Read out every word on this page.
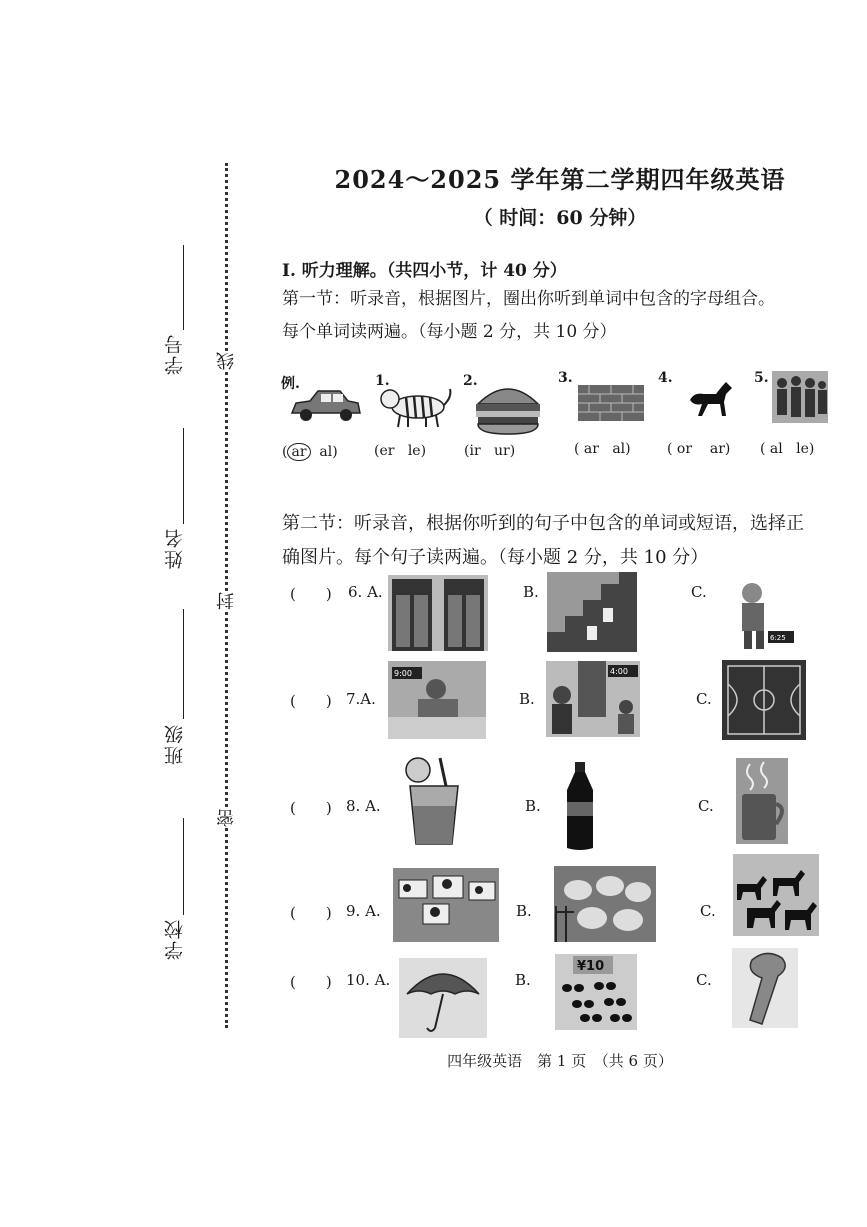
学号
姓名
班级
学校
线
封
密
2024～2025 学年第二学期四年级英语
（ 时间：60 分钟）
I. 听力理解。（共四小节，计 40 分）
第一节：听录音，根据图片，圈出你听到单词中包含的字母组合。
每个单词读两遍。（每小题 2 分，共 10 分）
例.
( ar al)
1.
(er le)
2.
(ir ur)
3.
( ar al)
4.
( or ar)
5.
( al le)
第二节：听录音，根据你听到的句子中包含的单词或短语，选择正
确图片。每个句子读两遍。（每小题 2 分，共 10 分）
(　　) 6. A.	B.	C.
6:25
(　　) 7.A.
9:00
B.
4:00
C.
(　　) 8. A.	B.	C.
(　　) 9. A.	B.	C.
(　　) 10. A.	B.
¥10
C.
四年级英语　第 1 页　（共 6 页）
